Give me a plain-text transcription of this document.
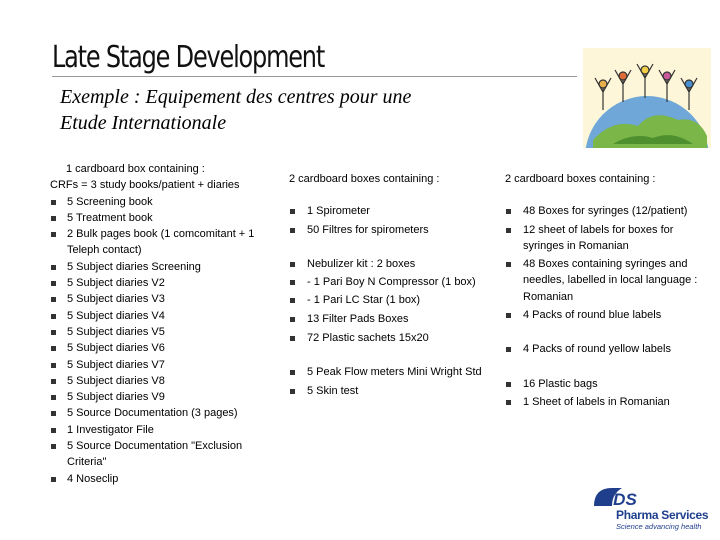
Late Stage Development
Exemple : Equipement des centres pour une
Etude Internationale
1 cardboard box containing :
CRFs = 3 study books/patient + diaries
5 Screening book
5 Treatment book
2 Bulk pages book (1 comcomitant + 1 Teleph contact)
5 Subject diaries Screening
5 Subject diaries V2
5 Subject diaries V3
5 Subject diaries V4
5 Subject diaries V5
5 Subject diaries V6
5 Subject diaries V7
5 Subject diaries V8
5 Subject diaries V9
5 Source Documentation (3 pages)
1 Investigator File
5 Source Documentation "Exclusion Criteria"
4 Noseclip
2 cardboard boxes containing :
1 Spirometer
50 Filtres for spirometers
Nebulizer kit : 2 boxes
- 1 Pari Boy N Compressor (1 box)
- 1 Pari LC Star (1 box)
13 Filter Pads Boxes
72 Plastic sachets 15x20
5 Peak Flow meters Mini Wright Std
5 Skin test
2 cardboard boxes containing :
48 Boxes for syringes (12/patient)
12 sheet of labels for boxes for syringes in Romanian
48 Boxes containing syringes and needles, labelled in local language : Romanian
4 Packs of round blue labels
4 Packs of round yellow labels
16 Plastic bags
1 Sheet of labels in Romanian
MDS
Pharma Services
Science advancing health
